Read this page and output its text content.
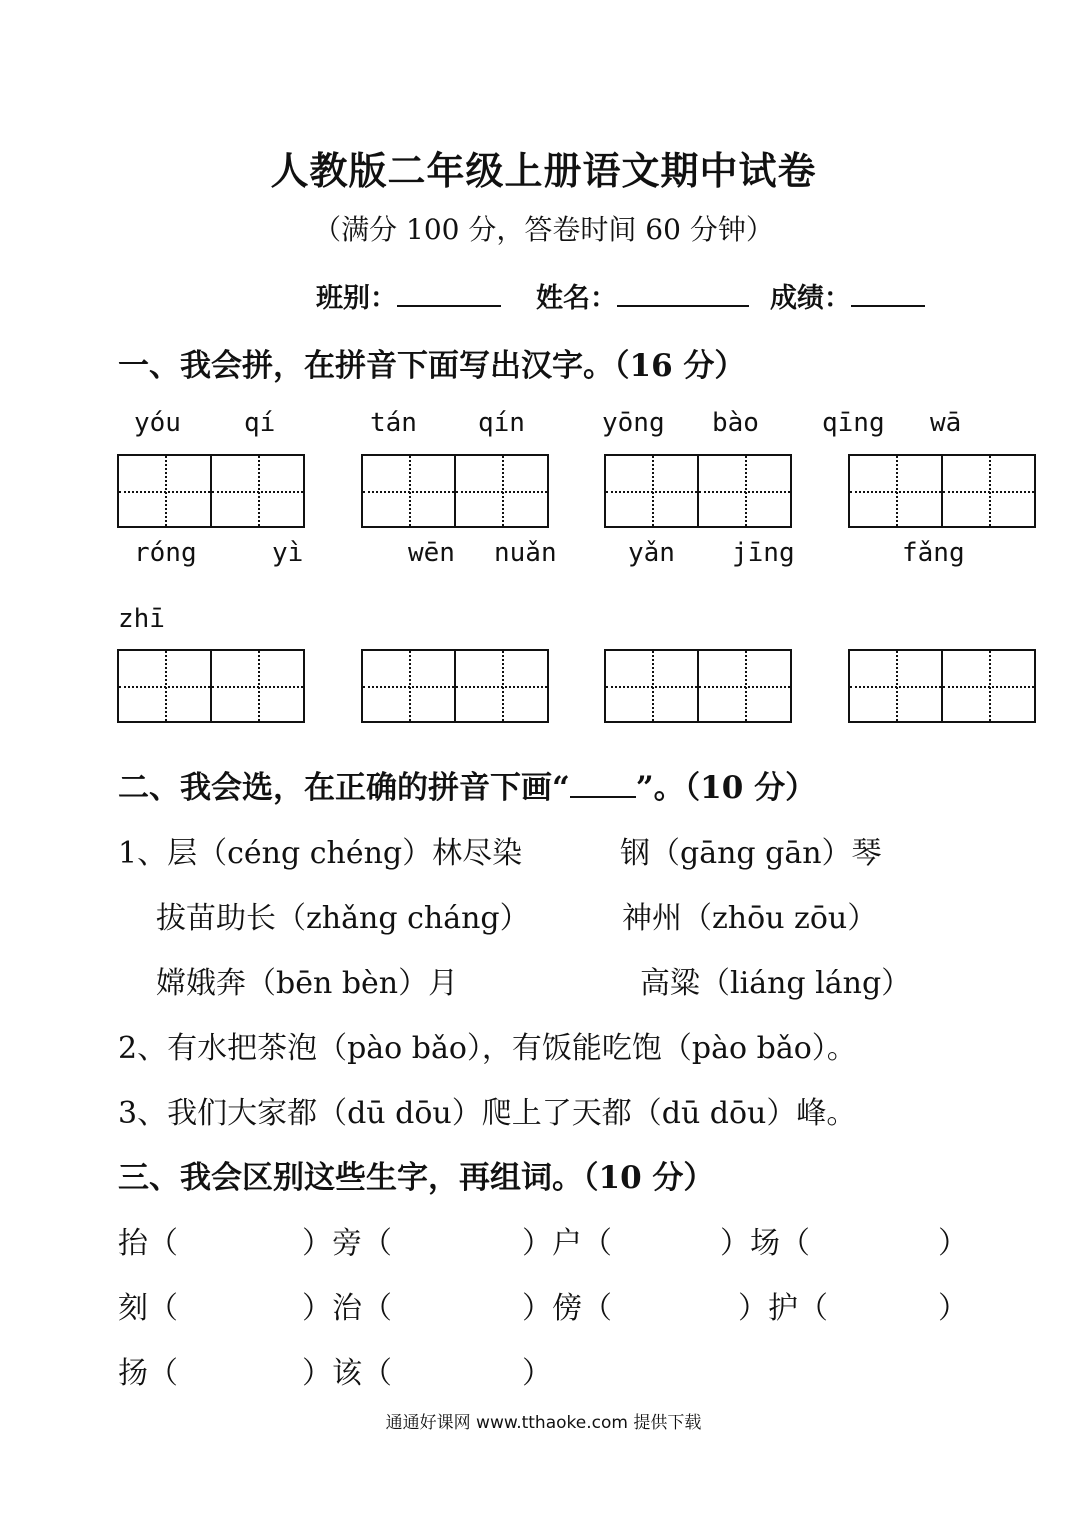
人教版二年级上册语文期中试卷
（满分 100 分，答卷时间 60 分钟）
班别：	姓名：	成绩：
一、我会拼，在拼音下面写出汉字。（16 分）
yóu qí	tán qín	yōng bào qīng wā
róng	yì	wēn nuǎn	yǎn jīng	fǎng
zhī
二、我会选，在正确的拼音下画“ ”。（10 分）
1、层（céng chéng）林尽染	钢（gāng gān）琴
拔苗助长（zhǎng cháng）	神州（zhōu zōu）
嫦娥奔（bēn bèn）月	高粱（liáng láng）
2、有水把茶泡（pào bǎo），有饭能吃饱（pào bǎo）。
3、我们大家都（dū dōu）爬上了天都（dū dōu）峰。
三、我会区别这些生字，再组词。（10 分）
抬（	）旁（	）户（	）场（	）
刻（	）治（	）傍（	）护（	）
扬（	）该（	）
通通好课网 www.tthaoke.com 提供下载
